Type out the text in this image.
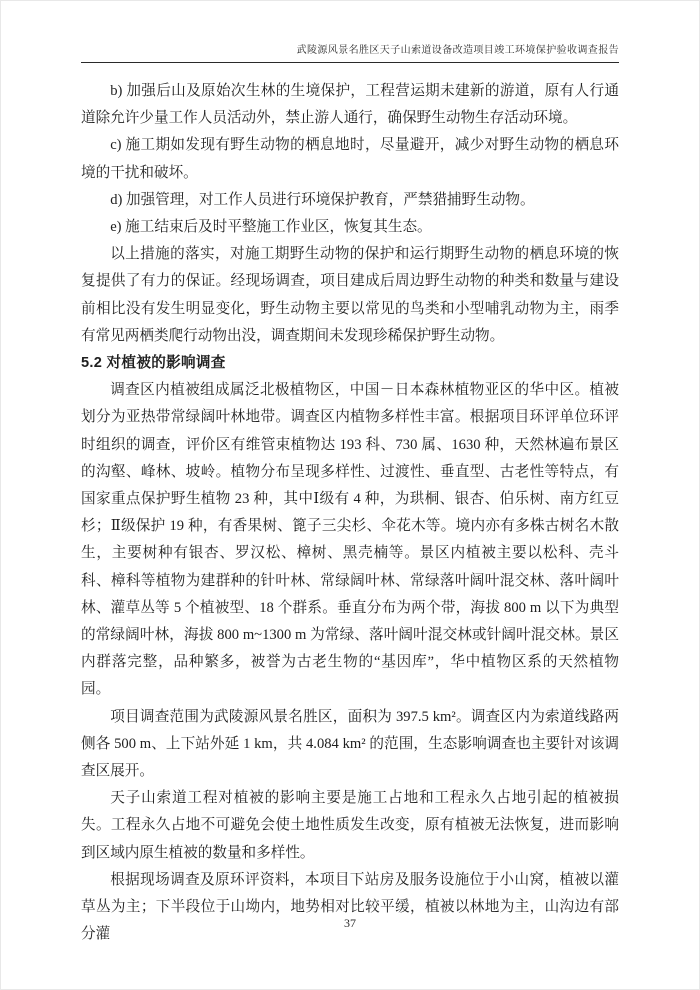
武陵源风景名胜区天子山索道设备改造项目竣工环境保护验收调查报告

b) 加强后山及原始次生林的生境保护，工程营运期未建新的游道，原有人行通道除允许少量工作人员活动外，禁止游人通行，确保野生动物生存活动环境。

c) 施工期如发现有野生动物的栖息地时，尽量避开，减少对野生动物的栖息环境的干扰和破坏。

d) 加强管理，对工作人员进行环境保护教育，严禁猎捕野生动物。

e) 施工结束后及时平整施工作业区，恢复其生态。

以上措施的落实，对施工期野生动物的保护和运行期野生动物的栖息环境的恢复提供了有力的保证。经现场调查，项目建成后周边野生动物的种类和数量与建设前相比没有发生明显变化，野生动物主要以常见的鸟类和小型哺乳动物为主，雨季有常见两栖类爬行动物出没，调查期间未发现珍稀保护野生动物。

5.2 对植被的影响调查

调查区内植被组成属泛北极植物区，中国－日本森林植物亚区的华中区。植被划分为亚热带常绿阔叶林地带。调查区内植物多样性丰富。根据项目环评单位环评时组织的调查，评价区有维管束植物达 193 科、730 属、1630 种，天然林遍布景区的沟壑、峰林、坡岭。植物分布呈现多样性、过渡性、垂直型、古老性等特点，有国家重点保护野生植物 23 种，其中Ⅰ级有 4 种，为珙桐、银杏、伯乐树、南方红豆杉；Ⅱ级保护 19 种，有香果树、篦子三尖杉、伞花木等。境内亦有多株古树名木散生，主要树种有银杏、罗汉松、樟树、黑壳楠等。景区内植被主要以松科、壳斗科、樟科等植物为建群种的针叶林、常绿阔叶林、常绿落叶阔叶混交林、落叶阔叶林、灌草丛等 5 个植被型、18 个群系。垂直分布为两个带，海拔 800 m 以下为典型的常绿阔叶林，海拔 800 m~1300 m 为常绿、落叶阔叶混交林或针阔叶混交林。景区内群落完整，品种繁多，被誉为古老生物的“基因库”，华中植物区系的天然植物园。

项目调查范围为武陵源风景名胜区，面积为 397.5 km²。调查区内为索道线路两侧各 500 m、上下站外延 1 km，共 4.084 km² 的范围，生态影响调查也主要针对该调查区展开。

天子山索道工程对植被的影响主要是施工占地和工程永久占地引起的植被损失。工程永久占地不可避免会使土地性质发生改变，原有植被无法恢复，进而影响到区域内原生植被的数量和多样性。

根据现场调查及原环评资料，本项目下站房及服务设施位于小山窝，植被以灌草丛为主；下半段位于山坳内，地势相对比较平缓，植被以林地为主，山沟边有部分灌

37
